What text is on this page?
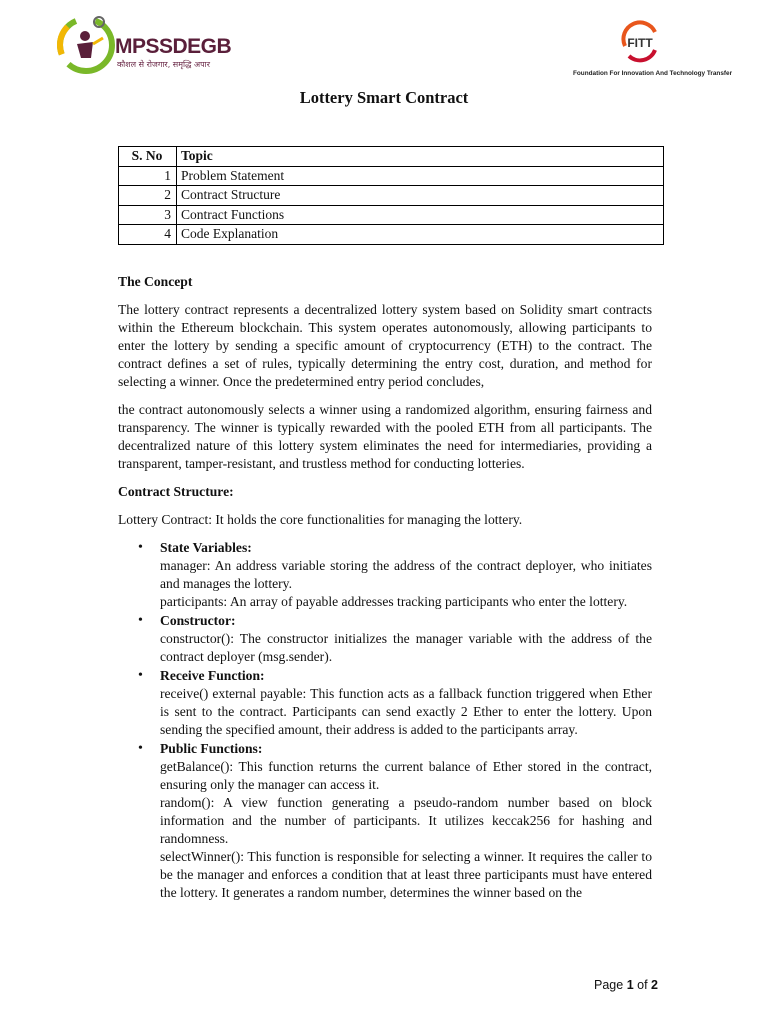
MPSSDEGB
कौशल से रोजगार, समृद्धि अपार
FITT
Foundation For Innovation And Technology Transfer
Lottery Smart Contract
S. No	Topic
1	Problem Statement
2	Contract Structure
3	Contract Functions
4	Code Explanation
The Concept
The lottery contract represents a decentralized lottery system based on Solidity smart contracts within the Ethereum blockchain. This system operates autonomously, allowing participants to enter the lottery by sending a specific amount of cryptocurrency (ETH) to the contract. The contract defines a set of rules, typically determining the entry cost, duration, and method for selecting a winner. Once the predetermined entry period concludes,
the contract autonomously selects a winner using a randomized algorithm, ensuring fairness and transparency. The winner is typically rewarded with the pooled ETH from all participants. The decentralized nature of this lottery system eliminates the need for intermediaries, providing a transparent, tamper-resistant, and trustless method for conducting lotteries.
Contract Structure:
Lottery Contract: It holds the core functionalities for managing the lottery.
• State Variables:
manager: An address variable storing the address of the contract deployer, who initiates and manages the lottery.
participants: An array of payable addresses tracking participants who enter the lottery.
• Constructor:
constructor(): The constructor initializes the manager variable with the address of the contract deployer (msg.sender).
• Receive Function:
receive() external payable: This function acts as a fallback function triggered when Ether is sent to the contract. Participants can send exactly 2 Ether to enter the lottery. Upon sending the specified amount, their address is added to the participants array.
• Public Functions:
getBalance(): This function returns the current balance of Ether stored in the contract, ensuring only the manager can access it.
random(): A view function generating a pseudo-random number based on block information and the number of participants. It utilizes keccak256 for hashing and randomness.
selectWinner(): This function is responsible for selecting a winner. It requires the caller to be the manager and enforces a condition that at least three participants must have entered the lottery. It generates a random number, determines the winner based on the
Page 1 of 2
